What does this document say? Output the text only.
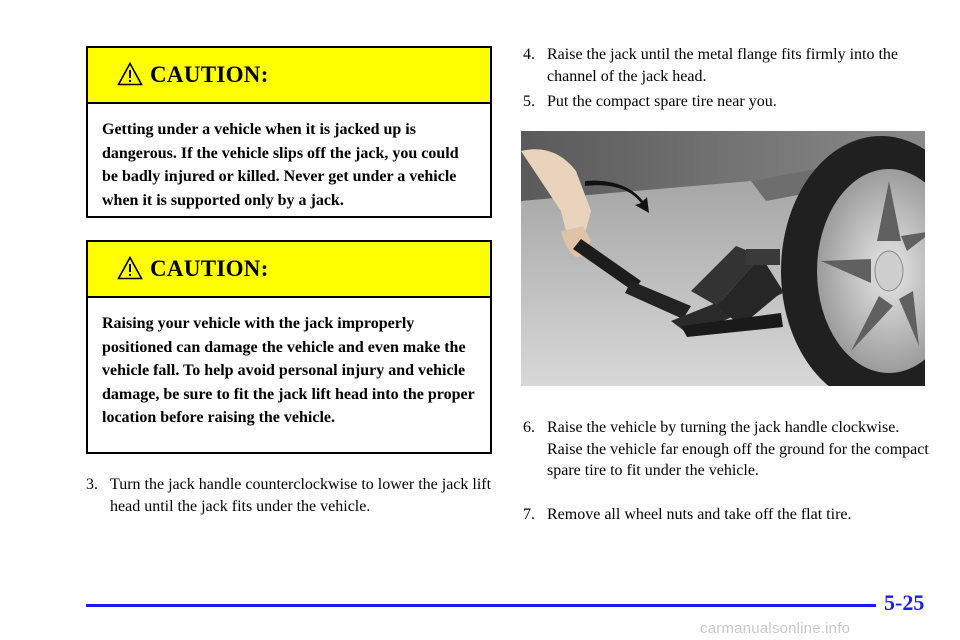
CAUTION:
Getting under a vehicle when it is jacked up is dangerous. If the vehicle slips off the jack, you could be badly injured or killed. Never get under a vehicle when it is supported only by a jack.
CAUTION:
Raising your vehicle with the jack improperly positioned can damage the vehicle and even make the vehicle fall. To help avoid personal injury and vehicle damage, be sure to fit the jack lift head into the proper location before raising the vehicle.
3. Turn the jack handle counterclockwise to lower the jack lift head until the jack fits under the vehicle.
4. Raise the jack until the metal flange fits firmly into the channel of the jack head.
5. Put the compact spare tire near you.
6. Raise the vehicle by turning the jack handle clockwise. Raise the vehicle far enough off the ground for the compact spare tire to fit under the vehicle.
7. Remove all wheel nuts and take off the flat tire.
5-25
carmanualsonline.info
